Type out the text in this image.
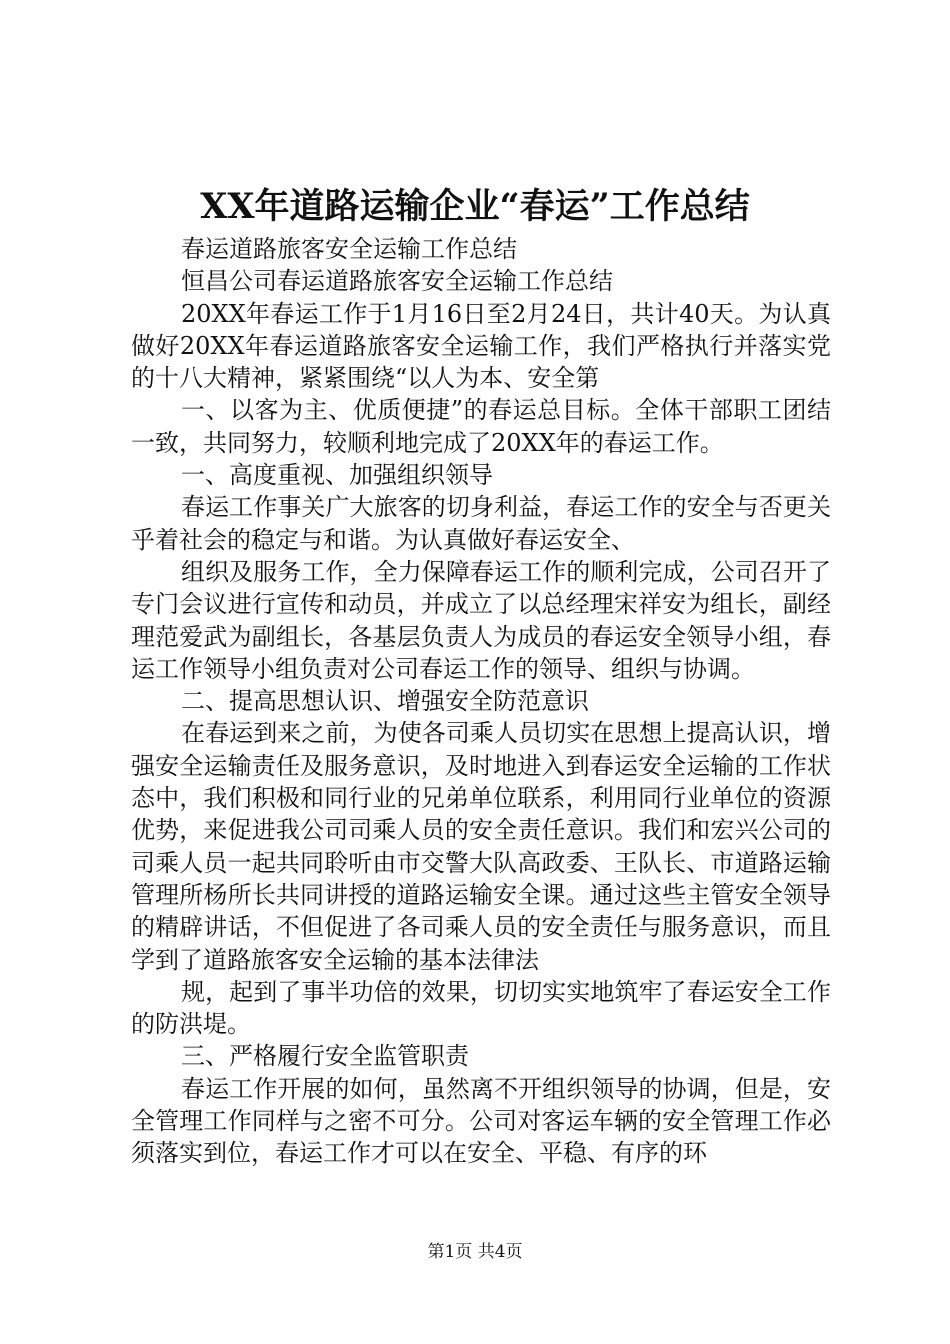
XX年道路运输企业“春运”工作总结

春运道路旅客安全运输工作总结

恒昌公司春运道路旅客安全运输工作总结

20XX年春运工作于1月16日至2月24日，共计40天。为认真做好20XX年春运道路旅客安全运输工作，我们严格执行并落实党的十八大精神，紧紧围绕“以人为本、安全第

一、以客为主、优质便捷”的春运总目标。全体干部职工团结一致，共同努力，较顺利地完成了20XX年的春运工作。

一、高度重视、加强组织领导

春运工作事关广大旅客的切身利益，春运工作的安全与否更关乎着社会的稳定与和谐。为认真做好春运安全、

组织及服务工作，全力保障春运工作的顺利完成，公司召开了专门会议进行宣传和动员，并成立了以总经理宋祥安为组长，副经理范爱武为副组长，各基层负责人为成员的春运安全领导小组，春运工作领导小组负责对公司春运工作的领导、组织与协调。

二、提高思想认识、增强安全防范意识

在春运到来之前，为使各司乘人员切实在思想上提高认识，增强安全运输责任及服务意识，及时地进入到春运安全运输的工作状态中，我们积极和同行业的兄弟单位联系，利用同行业单位的资源优势，来促进我公司司乘人员的安全责任意识。我们和宏兴公司的司乘人员一起共同聆听由市交警大队高政委、王队长、市道路运输管理所杨所长共同讲授的道路运输安全课。通过这些主管安全领导的精辟讲话，不但促进了各司乘人员的安全责任与服务意识，而且学到了道路旅客安全运输的基本法律法

规，起到了事半功倍的效果，切切实实地筑牢了春运安全工作的防洪堤。

三、严格履行安全监管职责

春运工作开展的如何，虽然离不开组织领导的协调，但是，安全管理工作同样与之密不可分。公司对客运车辆的安全管理工作必须落实到位，春运工作才可以在安全、平稳、有序的环

第1页 共4页
